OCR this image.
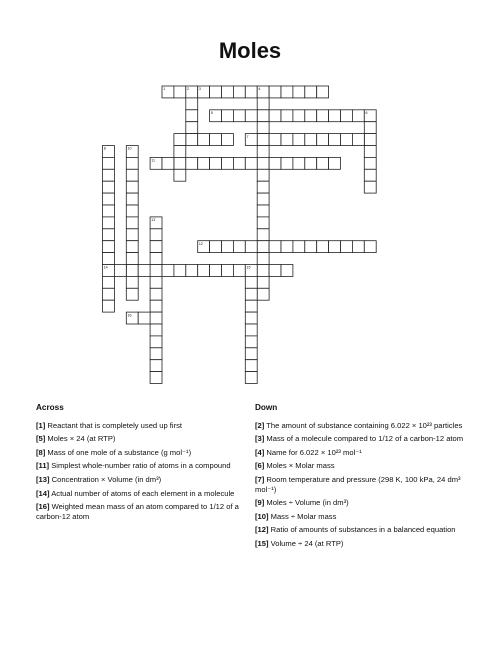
Moles
1	2	4
6
7
8	10
11
13
12
14	15
16
3
5
Across
[1] Reactant that is completely used up first
[5] Moles × 24 (at RTP)
[8] Mass of one mole of a substance (g mol⁻¹)
[11] Simplest whole-number ratio of atoms in a compound
[13] Concentration × Volume (in dm³)
[14] Actual number of atoms of each element in a molecule
[16] Weighted mean mass of an atom compared to 1/12 of a carbon-12 atom
Down
[2] The amount of substance containing 6.022 × 10²³ particles
[3] Mass of a molecule compared to 1/12 of a carbon-12 atom
[4] Name for 6.022 × 10²³ mol⁻¹
[6] Moles × Molar mass
[7] Room temperature and pressure (298 K, 100 kPa, 24 dm³ mol⁻¹)
[9] Moles ÷ Volume (in dm³)
[10] Mass ÷ Molar mass
[12] Ratio of amounts of substances in a balanced equation
[15] Volume ÷ 24 (at RTP)
